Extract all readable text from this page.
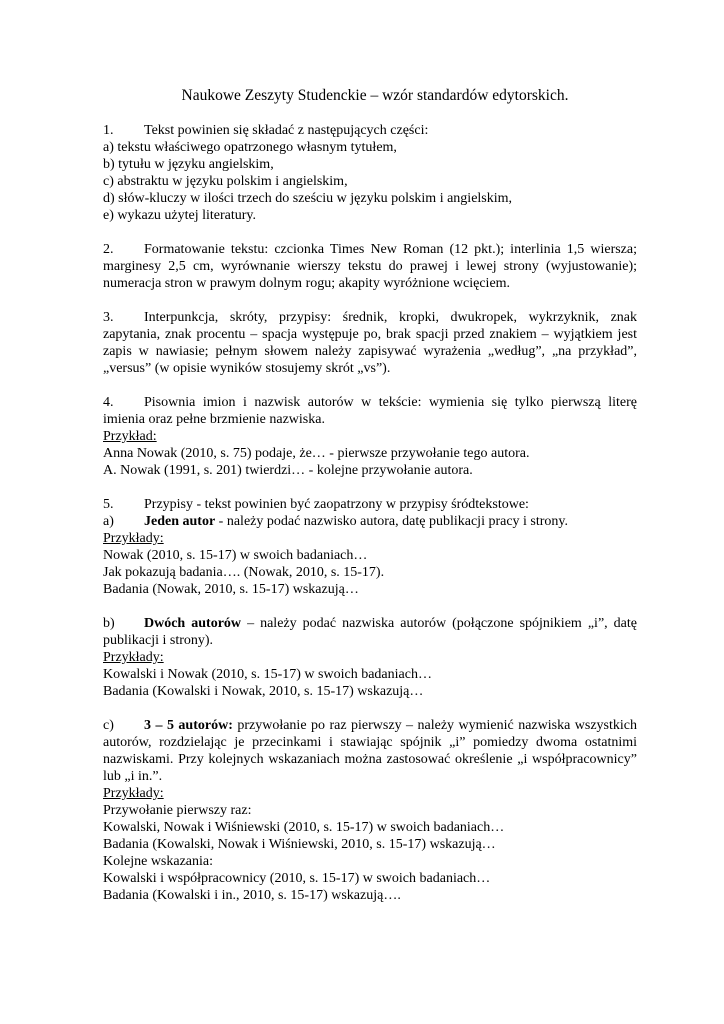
Naukowe Zeszyty Studenckie – wzór standardów edytorskich.

1. Tekst powinien się składać z następujących części:

a) tekstu właściwego opatrzonego własnym tytułem,

b) tytułu w języku angielskim,

c) abstraktu w języku polskim i angielskim,

d) słów-kluczy w ilości trzech do sześciu w języku polskim i angielskim,

e) wykazu użytej literatury.

2. Formatowanie tekstu: czcionka Times New Roman (12 pkt.); interlinia 1,5 wiersza; marginesy 2,5 cm, wyrównanie wierszy tekstu do prawej i lewej strony (wyjustowanie); numeracja stron w prawym dolnym rogu; akapity wyróżnione wcięciem.

3. Interpunkcja, skróty, przypisy: średnik, kropki, dwukropek, wykrzyknik, znak zapytania, znak procentu – spacja występuje po, brak spacji przed znakiem – wyjątkiem jest zapis w nawiasie; pełnym słowem należy zapisywać wyrażenia „według”, „na przykład”, „versus” (w opisie wyników stosujemy skrót „vs”).

4. Pisownia imion i nazwisk autorów w tekście: wymienia się tylko pierwszą literę imienia oraz pełne brzmienie nazwiska.

Przykład:

Anna Nowak (2010, s. 75) podaje, że… - pierwsze przywołanie tego autora.

A. Nowak (1991, s. 201) twierdzi… - kolejne przywołanie autora.

5. Przypisy - tekst powinien być zaopatrzony w przypisy śródtekstowe:

a) Jeden autor - należy podać nazwisko autora, datę publikacji pracy i strony.

Przykłady:

Nowak (2010, s. 15-17) w swoich badaniach…

Jak pokazują badania…. (Nowak, 2010, s. 15-17).

Badania (Nowak, 2010, s. 15-17) wskazują…

b) Dwóch autorów – należy podać nazwiska autorów (połączone spójnikiem „i”, datę publikacji i strony).

Przykłady:

Kowalski i Nowak (2010, s. 15-17) w swoich badaniach…

Badania (Kowalski i Nowak, 2010, s. 15-17) wskazują…

c) 3 – 5 autorów: przywołanie po raz pierwszy – należy wymienić nazwiska wszystkich autorów, rozdzielając je przecinkami i stawiając spójnik „i” pomiedzy dwoma ostatnimi nazwiskami. Przy kolejnych wskazaniach można zastosować określenie „i współpracownicy” lub „i in.”.

Przykłady:

Przywołanie pierwszy raz:

Kowalski, Nowak i Wiśniewski (2010, s. 15-17) w swoich badaniach…

Badania (Kowalski, Nowak i Wiśniewski, 2010, s. 15-17) wskazują…

Kolejne wskazania:

Kowalski i współpracownicy (2010, s. 15-17) w swoich badaniach…

Badania (Kowalski i in., 2010, s. 15-17) wskazują….
